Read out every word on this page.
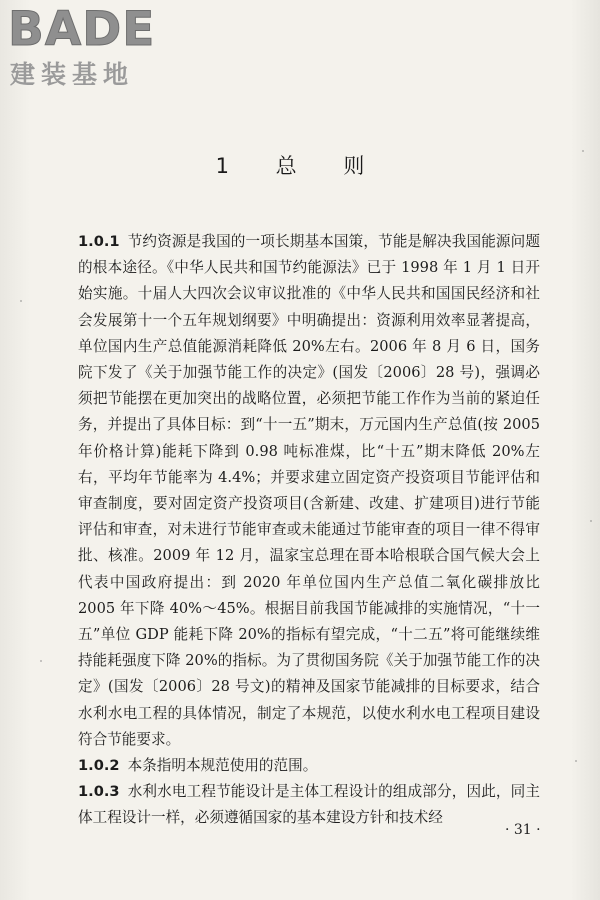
BADE
建装基地
1 总 则

1.0.1 节约资源是我国的一项长期基本国策，节能是解决我国能源问题的根本途径。《中华人民共和国节约能源法》已于 1998 年 1 月 1 日开始实施。十届人大四次会议审议批准的《中华人民共和国国民经济和社会发展第十一个五年规划纲要》中明确提出：资源利用效率显著提高，单位国内生产总值能源消耗降低 20%左右。2006 年 8 月 6 日，国务院下发了《关于加强节能工作的决定》(国发〔2006〕28 号)，强调必须把节能摆在更加突出的战略位置，必须把节能工作作为当前的紧迫任务，并提出了具体目标：到“十一五”期末，万元国内生产总值(按 2005 年价格计算)能耗下降到 0.98 吨标准煤，比“十五”期末降低 20%左右，平均年节能率为 4.4%；并要求建立固定资产投资项目节能评估和审查制度，要对固定资产投资项目(含新建、改建、扩建项目)进行节能评估和审查，对未进行节能审查或未能通过节能审查的项目一律不得审批、核准。2009 年 12 月，温家宝总理在哥本哈根联合国气候大会上代表中国政府提出：到 2020 年单位国内生产总值二氧化碳排放比 2005 年下降 40%～45%。根据目前我国节能减排的实施情况，“十一五”单位 GDP 能耗下降 20%的指标有望完成，“十二五”将可能继续维持能耗强度下降 20%的指标。为了贯彻国务院《关于加强节能工作的决定》(国发〔2006〕28 号文)的精神及国家节能减排的目标要求，结合水利水电工程的具体情况，制定了本规范，以使水利水电工程项目建设符合节能要求。

1.0.2 本条指明本规范使用的范围。

1.0.3 水利水电工程节能设计是主体工程设计的组成部分，因此，同主体工程设计一样，必须遵循国家的基本建设方针和技术经

· 31 ·
